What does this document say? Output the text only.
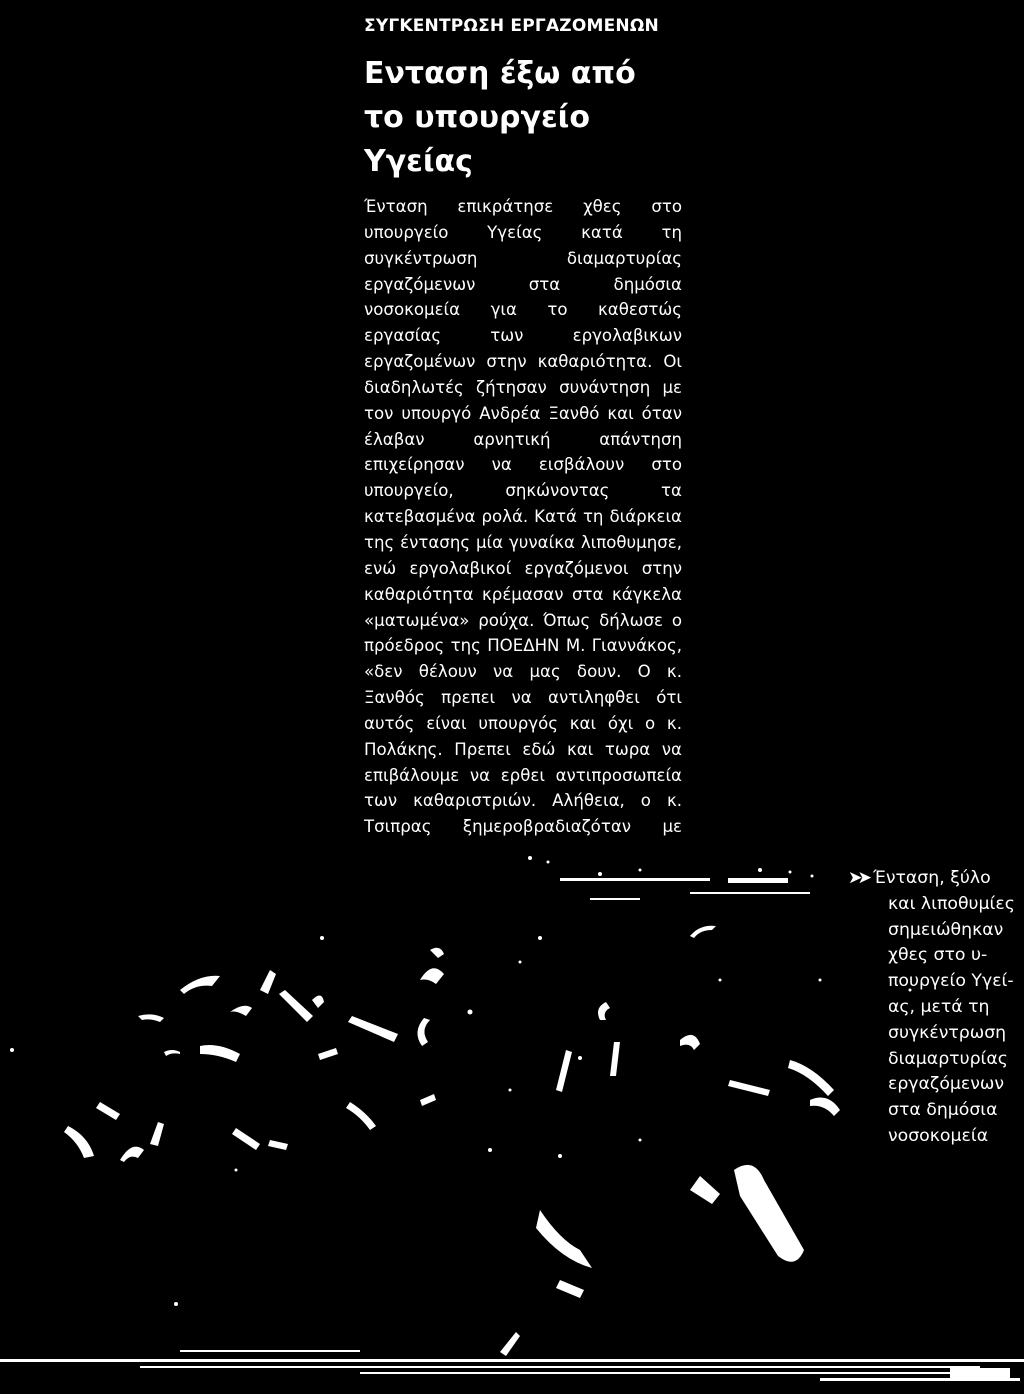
ΣΥΓΚΕΝΤΡΩΣΗ ΕΡΓΑΖΟΜΕΝΩΝ
Ενταση έξω από το υπουργείο Υγείας

Ένταση επικράτησε χθες στο υπουργείο Υγείας κατά τη συγκέντρωση διαμαρτυρίας εργαζόμενων στα δημόσια νοσοκομεία για το καθεστώς εργασίας των εργολαβικων εργαζομένων στην καθαριότητα. Οι διαδηλωτές ζήτησαν συνάντηση με τον υπουργό Ανδρέα Ξανθό και όταν έλαβαν αρνητική απάντηση επιχείρησαν να εισβάλουν στο υπουργείο, σηκώνοντας τα κατεβασμένα ρολά. Κατά τη διάρκεια της έντασης μία γυναίκα λιποθυμησε, ενώ εργολαβικοί εργαζόμενοι στην καθαριότητα κρέμασαν στα κάγκελα «ματωμένα» ρούχα. Όπως δήλωσε ο πρόεδρος της ΠΟΕΔΗΝ Μ. Γιαννάκος, «δεν θέλουν να μας δουν. Ο κ. Ξανθός πρεπει να αντιληφθει ότι αυτός είναι υπουργός και όχι ο κ. Πολάκης. Πρεπει εδώ και τωρα να επιβάλουμε να ερθει αντιπροσωπεία των καθαριστριών. Αλήθεια, ο κ. Τσιπρας ξημεροβραδιαζόταν με

➤➤ Ένταση, ξύλο
και λιποθυμίες
σημειώθηκαν
χθες στο υ-
πουργείο Υγεί-
ας, μετά τη
συγκέντρωση
διαμαρτυρίας
εργαζόμενων
στα δημόσια
νοσοκομεία
